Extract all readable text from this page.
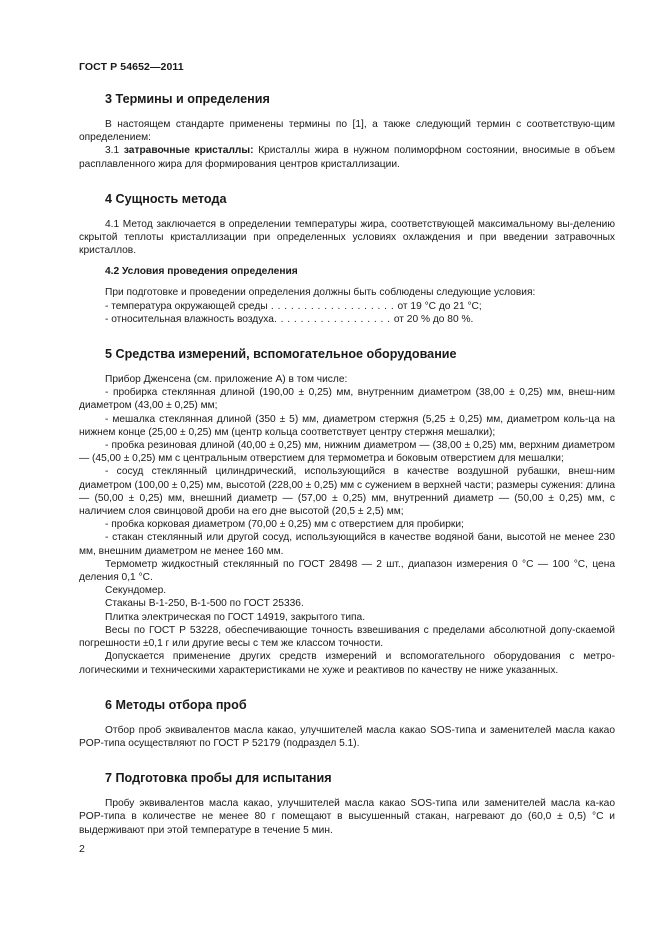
ГОСТ Р 54652—2011
3 Термины и определения

В настоящем стандарте применены термины по [1], а также следующий термин с соответствую-щим определением:

3.1 затравочные кристаллы: Кристаллы жира в нужном полиморфном состоянии, вносимые в объем расплавленного жира для формирования центров кристаллизации.

4 Сущность метода

4.1 Метод заключается в определении температуры жира, соответствующей максимальному вы-делению скрытой теплоты кристаллизации при определенных условиях охлаждения и при введении затравочных кристаллов.

4.2 Условия проведения определения

При подготовке и проведении определения должны быть соблюдены следующие условия:

- температура окружающей среды . . . . . . . . . . . . . . . . . . . от 19 °С до 21 °С;

- относительная влажность воздуха. . . . . . . . . . . . . . . . . . от 20 % до 80 %.

5 Средства измерений, вспомогательное оборудование

Прибор Дженсена (см. приложение А) в том числе:

- пробирка стеклянная длиной (190,00 ± 0,25) мм, внутренним диаметром (38,00 ± 0,25) мм, внеш-ним диаметром (43,00 ± 0,25) мм;

- мешалка стеклянная длиной (350 ± 5) мм, диаметром стержня (5,25 ± 0,25) мм, диаметром коль-ца на нижнем конце (25,00 ± 0,25) мм (центр кольца соответствует центру стержня мешалки);

- пробка резиновая длиной (40,00 ± 0,25) мм, нижним диаметром — (38,00 ± 0,25) мм, верхним диаметром — (45,00 ± 0,25) мм с центральным отверстием для термометра и боковым отверстием для мешалки;

- сосуд стеклянный цилиндрический, использующийся в качестве воздушной рубашки, внеш-ним диаметром (100,00 ± 0,25) мм, высотой (228,00 ± 0,25) мм с сужением в верхней части; размеры сужения: длина — (50,00 ± 0,25) мм, внешний диаметр — (57,00 ± 0,25) мм, внутренний диаметр — (50,00 ± 0,25) мм, с наличием слоя свинцовой дроби на его дне высотой (20,5 ± 2,5) мм;

- пробка корковая диаметром (70,00 ± 0,25) мм с отверстием для пробирки;

- стакан стеклянный или другой сосуд, использующийся в качестве водяной бани, высотой не менее 230 мм, внешним диаметром не менее 160 мм.

Термометр жидкостный стеклянный по ГОСТ 28498 — 2 шт., диапазон измерения 0 °С — 100 °С, цена деления 0,1 °С.

Секундомер.

Стаканы В-1-250, В-1-500 по ГОСТ 25336.

Плитка электрическая по ГОСТ 14919, закрытого типа.

Весы по ГОСТ Р 53228, обеспечивающие точность взвешивания с пределами абсолютной допу-скаемой погрешности ±0,1 г или другие весы с тем же классом точности.

Допускается применение других средств измерений и вспомогательного оборудования с метро-логическими и техническими характеристиками не хуже и реактивов по качеству не ниже указанных.

6 Методы отбора проб

Отбор проб эквивалентов масла какао, улучшителей масла какао SOS-типа и заменителей масла какао POP-типа осуществляют по ГОСТ Р 52179 (подраздел 5.1).

7 Подготовка пробы для испытания

Пробу эквивалентов масла какао, улучшителей масла какао SOS-типа или заменителей масла ка-као POP-типа в количестве не менее 80 г помещают в высушенный стакан, нагревают до (60,0 ± 0,5) °С и выдерживают при этой температуре в течение 5 мин.

2
